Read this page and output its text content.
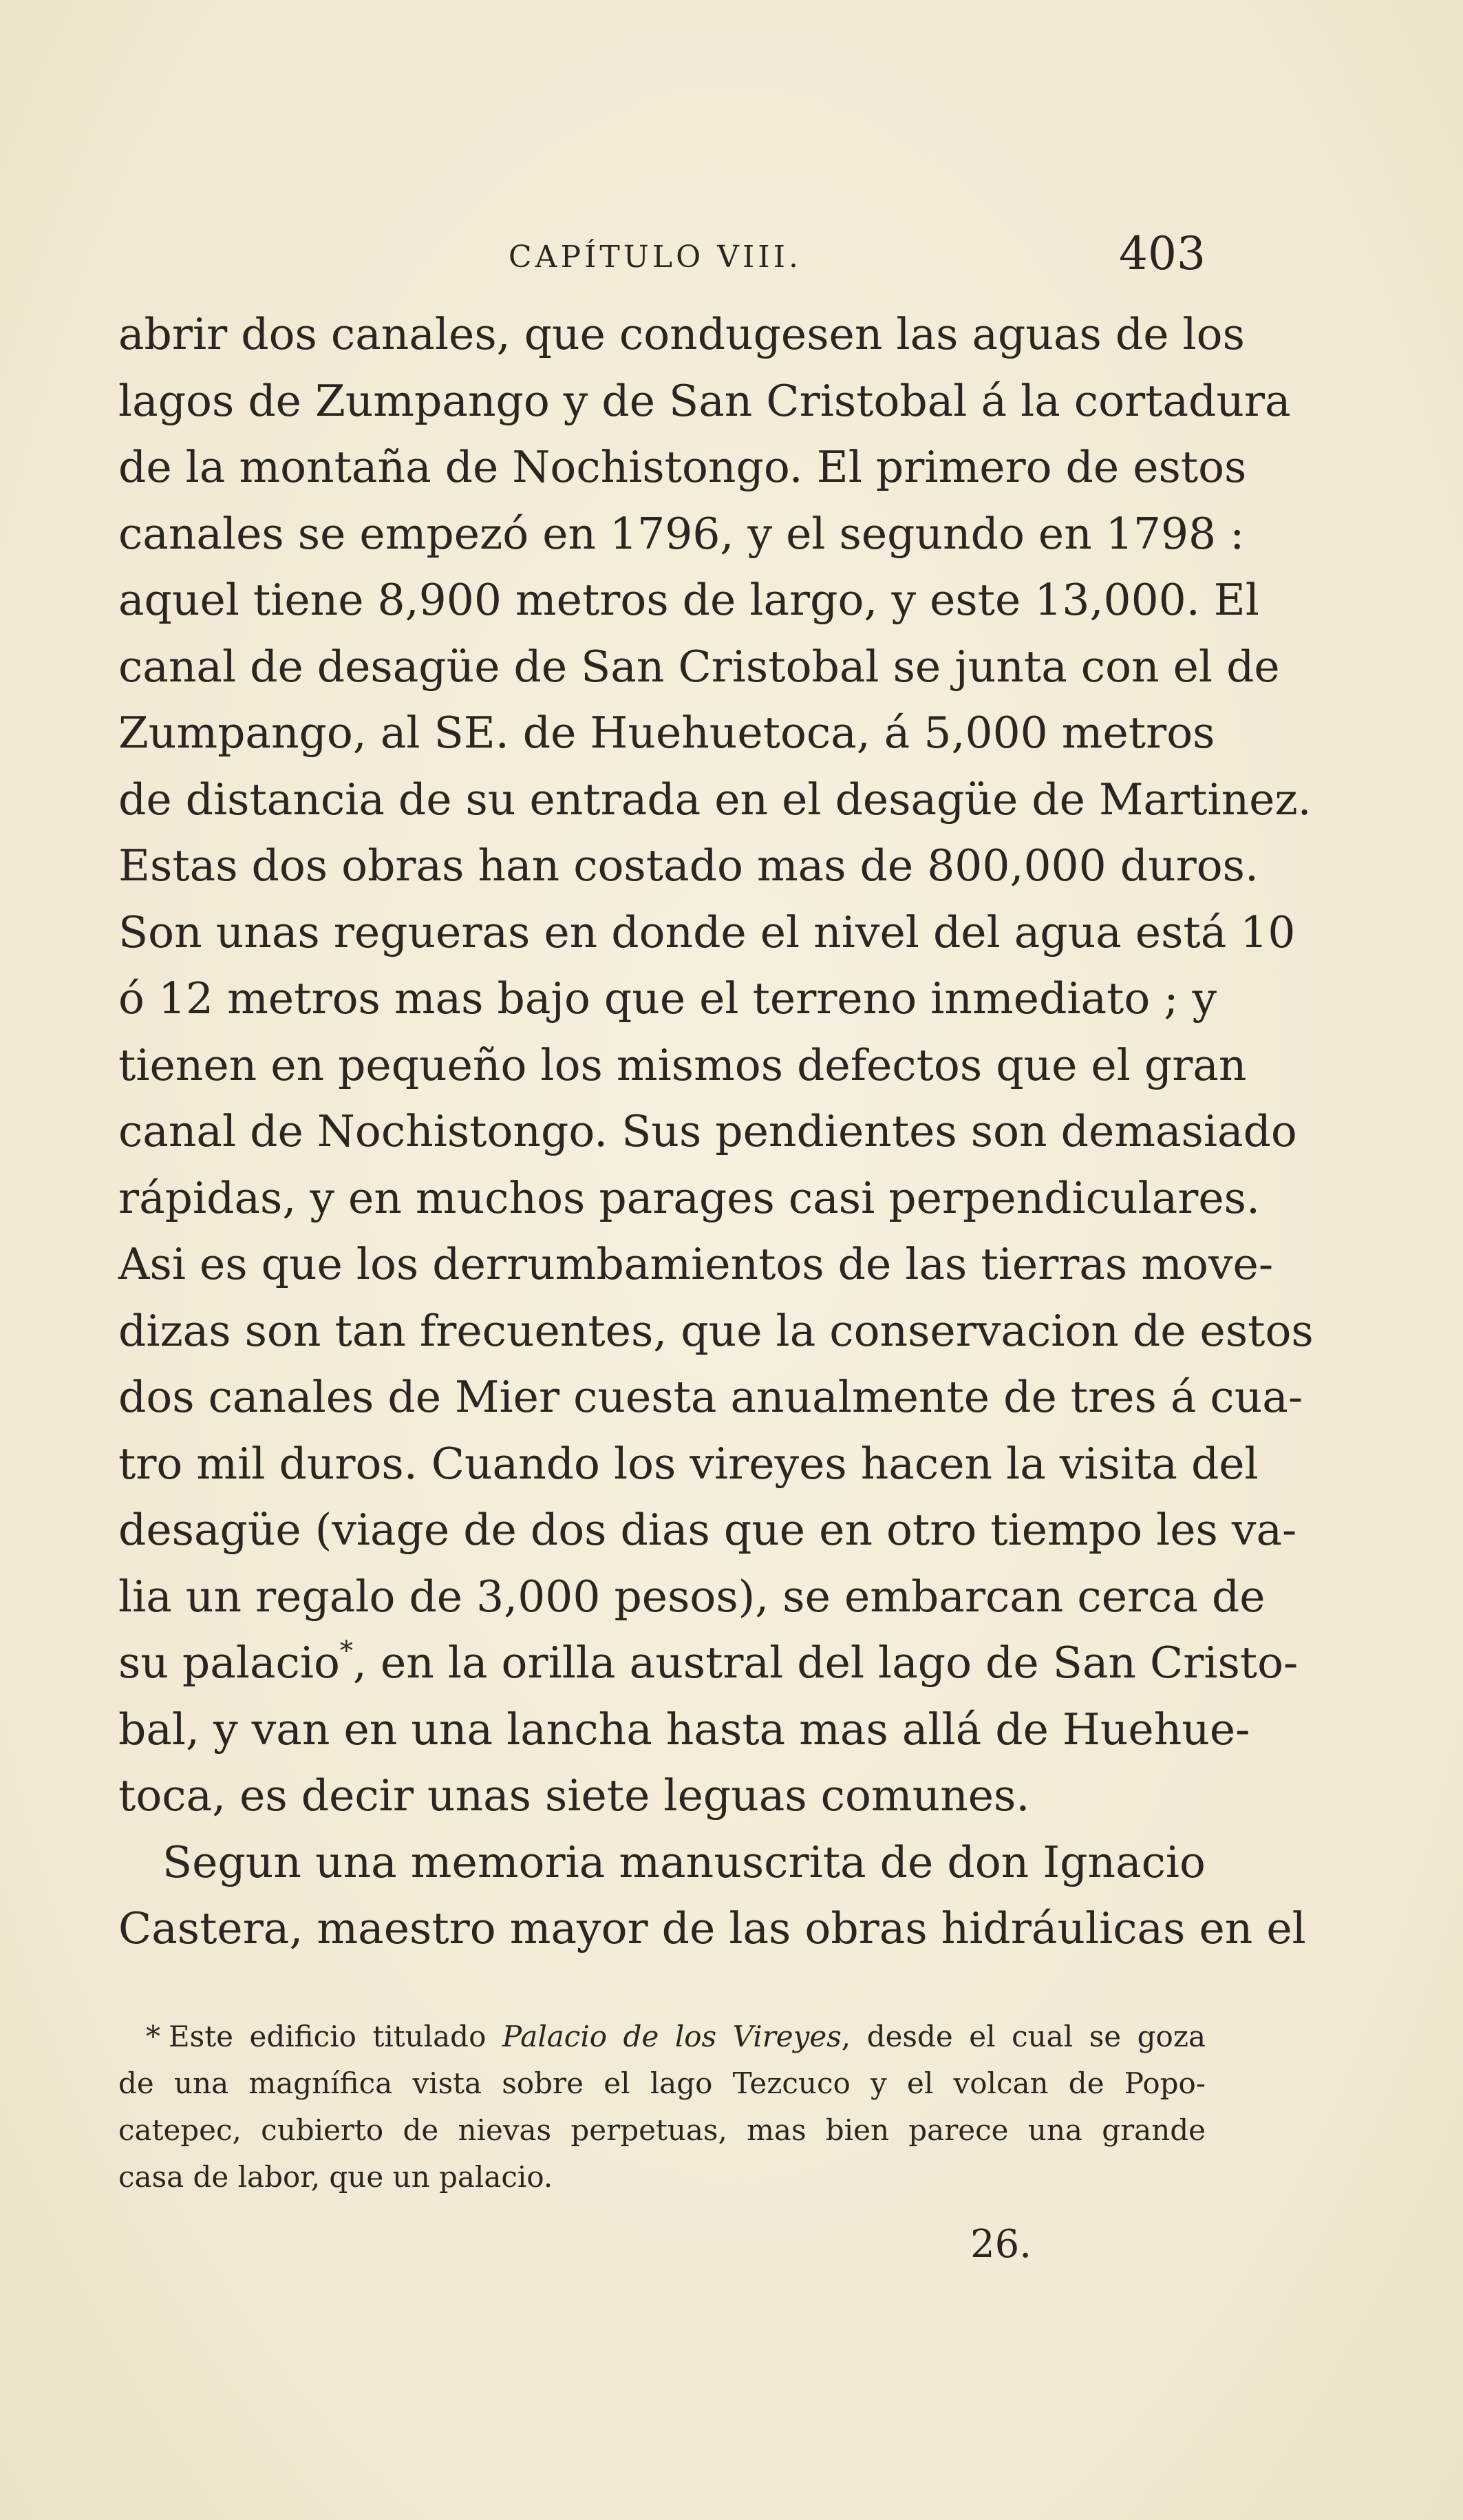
CAPÍTULO VIII.	403
abrir dos canales, que condugesen las aguas de los
lagos de Zumpango y de San Cristobal á la cortadura
de la montaña de Nochistongo. El primero de estos
canales se empezó en 1796, y el segundo en 1798 :
aquel tiene 8,900 metros de largo, y este 13,000. El
canal de desagüe de San Cristobal se junta con el de
Zumpango, al SE. de Huehuetoca, á 5,000 metros
de distancia de su entrada en el desagüe de Martinez.
Estas dos obras han costado mas de 800,000 duros.
Son unas regueras en donde el nivel del agua está 10
ó 12 metros mas bajo que el terreno inmediato ; y
tienen en pequeño los mismos defectos que el gran
canal de Nochistongo. Sus pendientes son demasiado
rápidas, y en muchos parages casi perpendiculares.
Asi es que los derrumbamientos de las tierras move-
dizas son tan frecuentes, que la conservacion de estos
dos canales de Mier cuesta anualmente de tres á cua-
tro mil duros. Cuando los vireyes hacen la visita del
desagüe (viage de dos dias que en otro tiempo les va-
lia un regalo de 3,000 pesos), se embarcan cerca de
su palacio*, en la orilla austral del lago de San Cristo-
bal, y van en una lancha hasta mas allá de Huehue-
toca, es decir unas siete leguas comunes.
Segun una memoria manuscrita de don Ignacio
Castera, maestro mayor de las obras hidráulicas en el
* Este edificio titulado Palacio de los Vireyes, desde el cual se goza
de una magnífica vista sobre el lago Tezcuco y el volcan de Popo-
catepec, cubierto de nievas perpetuas, mas bien parece una grande
casa de labor, que un palacio.
26.
